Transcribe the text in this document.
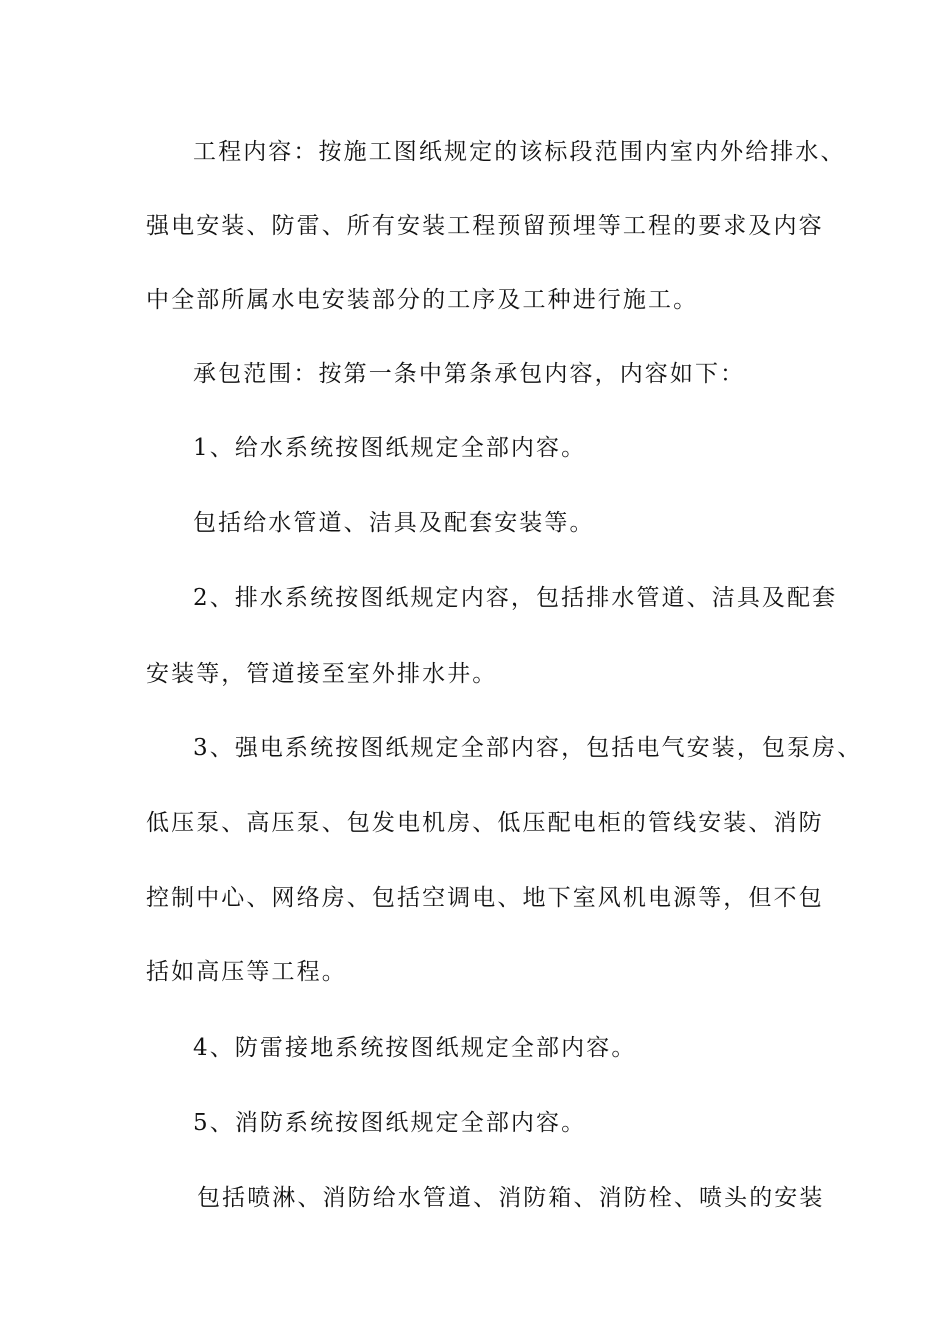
工程内容：按施工图纸规定的该标段范围内室内外给排水、
强电安装、防雷、所有安装工程预留预埋等工程的要求及内容
中全部所属水电安装部分的工序及工种进行施工。
承包范围：按第一条中第条承包内容，内容如下：
1、给水系统按图纸规定全部内容。
包括给水管道、洁具及配套安装等。
2、排水系统按图纸规定内容，包括排水管道、洁具及配套
安装等，管道接至室外排水井。
3、强电系统按图纸规定全部内容，包括电气安装，包泵房、
低压泵、高压泵、包发电机房、低压配电柜的管线安装、消防
控制中心、网络房、包括空调电、地下室风机电源等，但不包
括如高压等工程。
4、防雷接地系统按图纸规定全部内容。
5、消防系统按图纸规定全部内容。
包括喷淋、消防给水管道、消防箱、消防栓、喷头的安装
